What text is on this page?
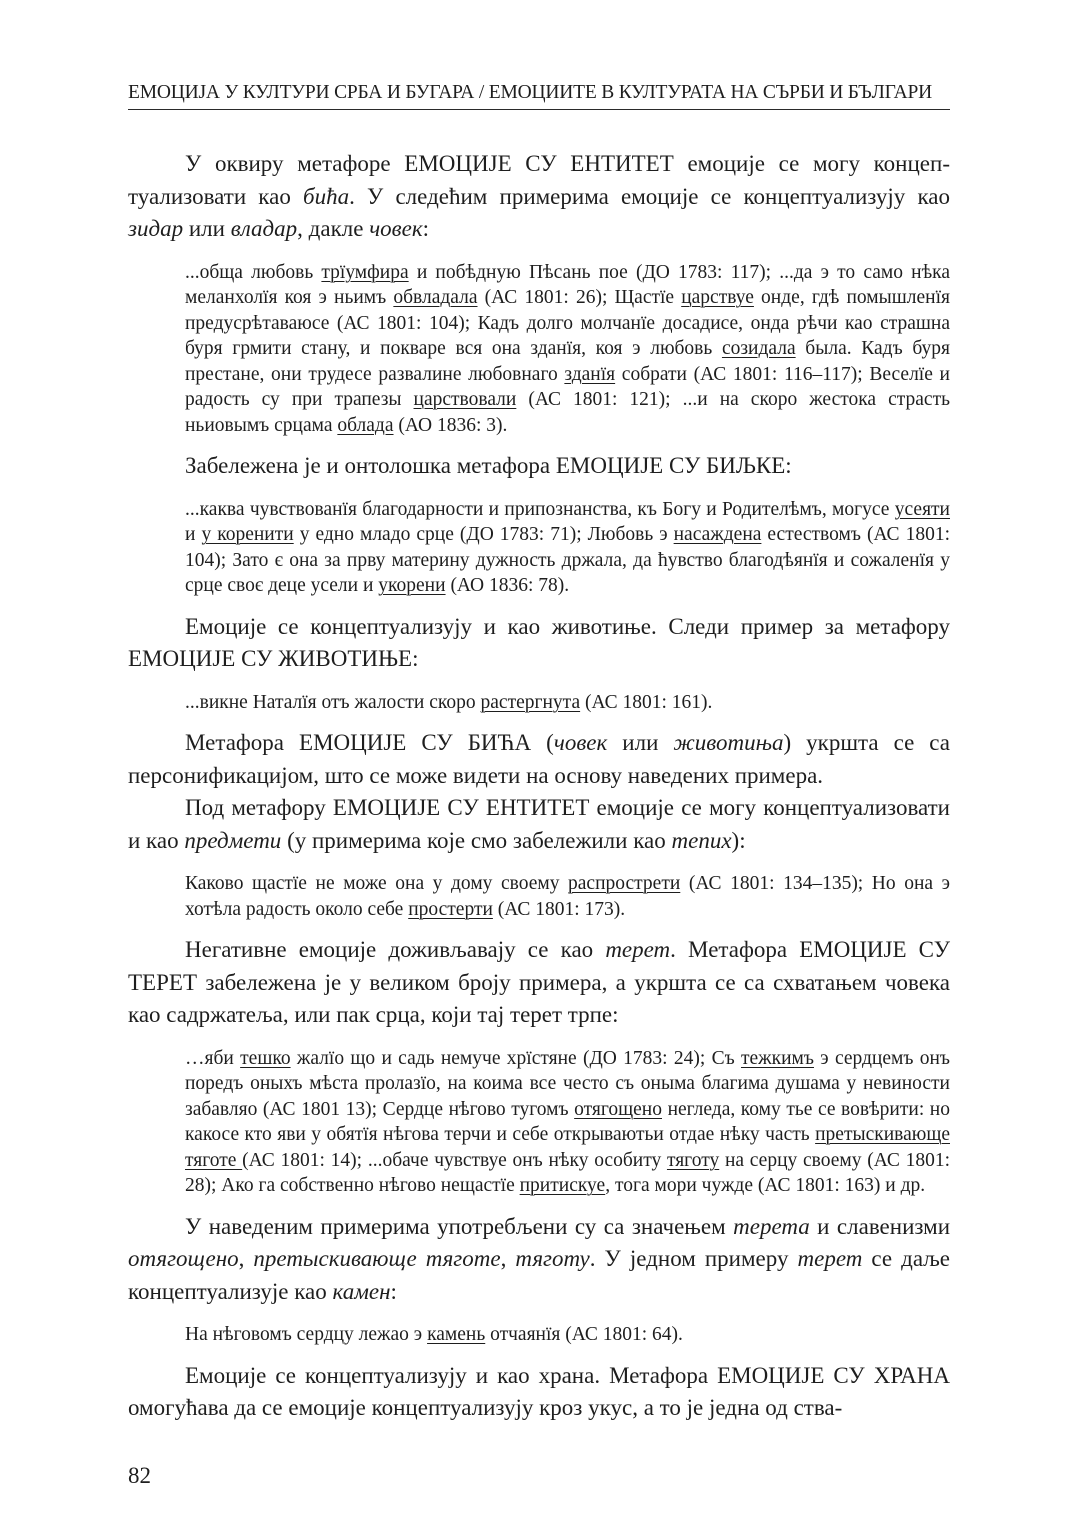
ЕМОЦИЈА У КУЛТУРИ СРБА И БУГАРА / ЕМОЦИИТЕ В КУЛТУРАТА НА СЪРБИ И БЪЛГАРИ

У оквиру метафоре ЕМОЦИЈЕ СУ ЕНТИТЕТ емоције се могу концептуализовати као бића. У следећим примерима емоције се концептуализују као зидар или владар, дакле човек:

...обща любовь трїумфира и побѣдную Пѣсань пое (ДО 1783: 117); ...да э то само нѣка меланхолїя коя э ньимъ обвладала (АС 1801: 26); Щастїе царствуе онде, гдѣ помышленїя предусрѣтаваюсе (АС 1801: 104); Кадъ долго молчанїе досадисе, онда рѣчи као страшна буря грмити стану, и покваре вся она зданїя, коя э любовь созидала была. Кадъ буря престане, они трудесе развалине любовнаго зданїя собрати (АС 1801: 116–117); Веселїе и радость су при трапезы царствовали (АС 1801: 121); ...и на скоро жестока страсть ньиовымъ срцама облада (АО 1836: 3).

Забележена је и онтолошка метафора ЕМОЦИЈЕ СУ БИЉКЕ:

...каква чувствованїя благодарности и припознанства, къ Богу и Родителѣмъ, могусе усеяти и у коренити у едно младо срце (ДО 1783: 71); Любовь э насаждена естествомъ (АС 1801: 104); Зато є она за прву материну дужность држала, да ћувство благодѣянїя и сожаленїя у срце своє деце усели и укорени (АО 1836: 78).

Емоције се концептуализују и као животиње. Следи пример за метафору ЕМОЦИЈЕ СУ ЖИВОТИЊЕ:

...викне Наталїя отъ жалости скоро растергнута (АС 1801: 161).

Метафора ЕМОЦИЈЕ СУ БИЋА (човек или животиња) укршта се са персонификацијом, што се може видети на основу наведених примера.

Под метафору ЕМОЦИЈЕ СУ ЕНТИТЕТ емоције се могу концептуализовати и као предмети (у примерима које смо забележили као тепих):

Каково щастїе не може она у дому своему распрострети (АС 1801: 134–135); Но она э хотѣла радость около себе простерти (АС 1801: 173).

Негативне емоције доживљавају се као терет. Метафора ЕМОЦИЈЕ СУ ТЕРЕТ забележена је у великом броју примера, а укршта се са схватањем човека као садржатеља, или пак срца, који тај терет трпе:

…яби тешко жалїо що и садь немуче хрїстяне (ДО 1783: 24); Съ тежкимъ э сердцемъ онъ поредъ оныхъ мѣста пролазїо, на коима все често съ оныма благима душама у невиности забавляо (АС 1801 13); Сердце нѣгово тугомъ отягощено негледа, кому тье се вовѣрити: но какосе кто яви у обятїя нѣгова терчи и себе открываютьи отдае нѣку часть претыскивающе тяготе (АС 1801: 14); ...обаче чувствуе онъ нѣку особиту тяготу на серцу своему (АС 1801: 28); Ако га собственно нѣгово нещастїе притискуе, тога мори чужде (АС 1801: 163) и др.

У наведеним примерима употребљени су са значењем терета и славенизми отягощено, претыскивающе тяготе, тяготу. У једном примеру терет се даље концептуализује као камен:

На нѣговомъ сердцу лежао э камень отчаянїя (АС 1801: 64).

Емоције се концептуализују и као храна. Метафора ЕМОЦИЈЕ СУ ХРАНА омогућава да се емоције концептуализују кроз укус, а то је једна од ства-

82
